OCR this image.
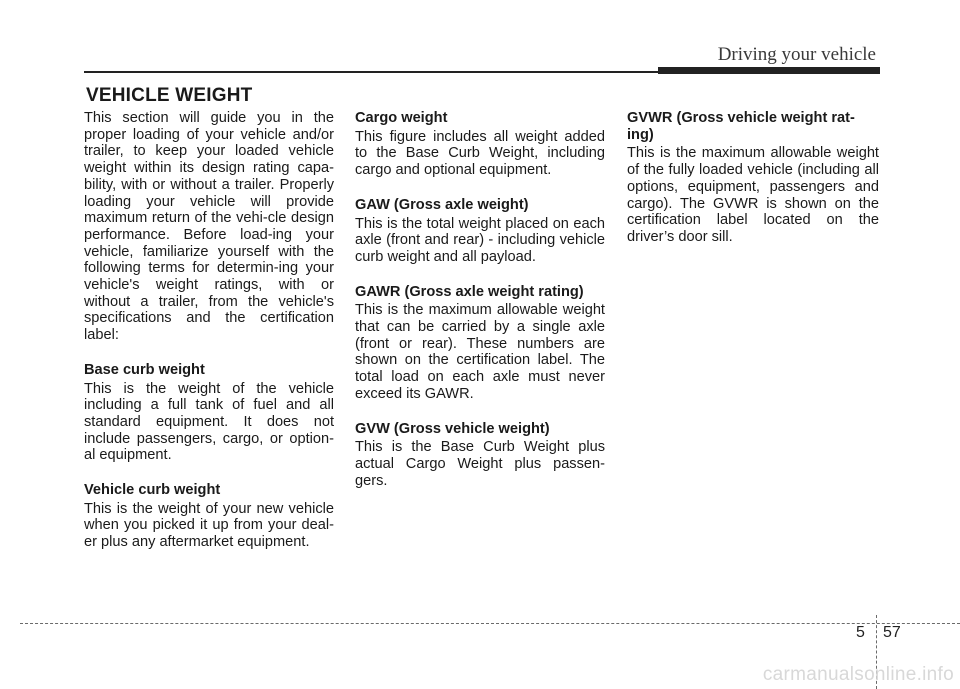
Driving your vehicle
VEHICLE WEIGHT

This section will guide you in the proper loading of your vehicle and/or trailer, to keep your loaded vehicle weight within its design rating capa-bility, with or without a trailer. Properly loading your vehicle will provide maximum return of the vehi-cle design performance. Before load-ing your vehicle, familiarize yourself with the following terms for determin-ing your vehicle's weight ratings, with or without a trailer, from the vehicle's specifications and the certification label:

Base curb weight

This is the weight of the vehicle including a full tank of fuel and all standard equipment. It does not include passengers, cargo, or option-al equipment.

Vehicle curb weight

This is the weight of your new vehicle when you picked it up from your deal-er plus any aftermarket equipment.

Cargo weight

This figure includes all weight added to the Base Curb Weight, including cargo and optional equipment.

GAW (Gross axle weight)

This is the total weight placed on each axle (front and rear) - including vehicle curb weight and all payload.

GAWR (Gross axle weight rating)

This is the maximum allowable weight that can be carried by a single axle (front or rear). These numbers are shown on the certification label. The total load on each axle must never exceed its GAWR.

GVW (Gross vehicle weight)

This is the Base Curb Weight plus actual Cargo Weight plus passen-gers.

GVWR (Gross vehicle weight rat-ing)

This is the maximum allowable weight of the fully loaded vehicle (including all options, equipment, passengers and cargo). The GVWR is shown on the certification label located on the driver’s door sill.

5 57
carmanualsonline.info
